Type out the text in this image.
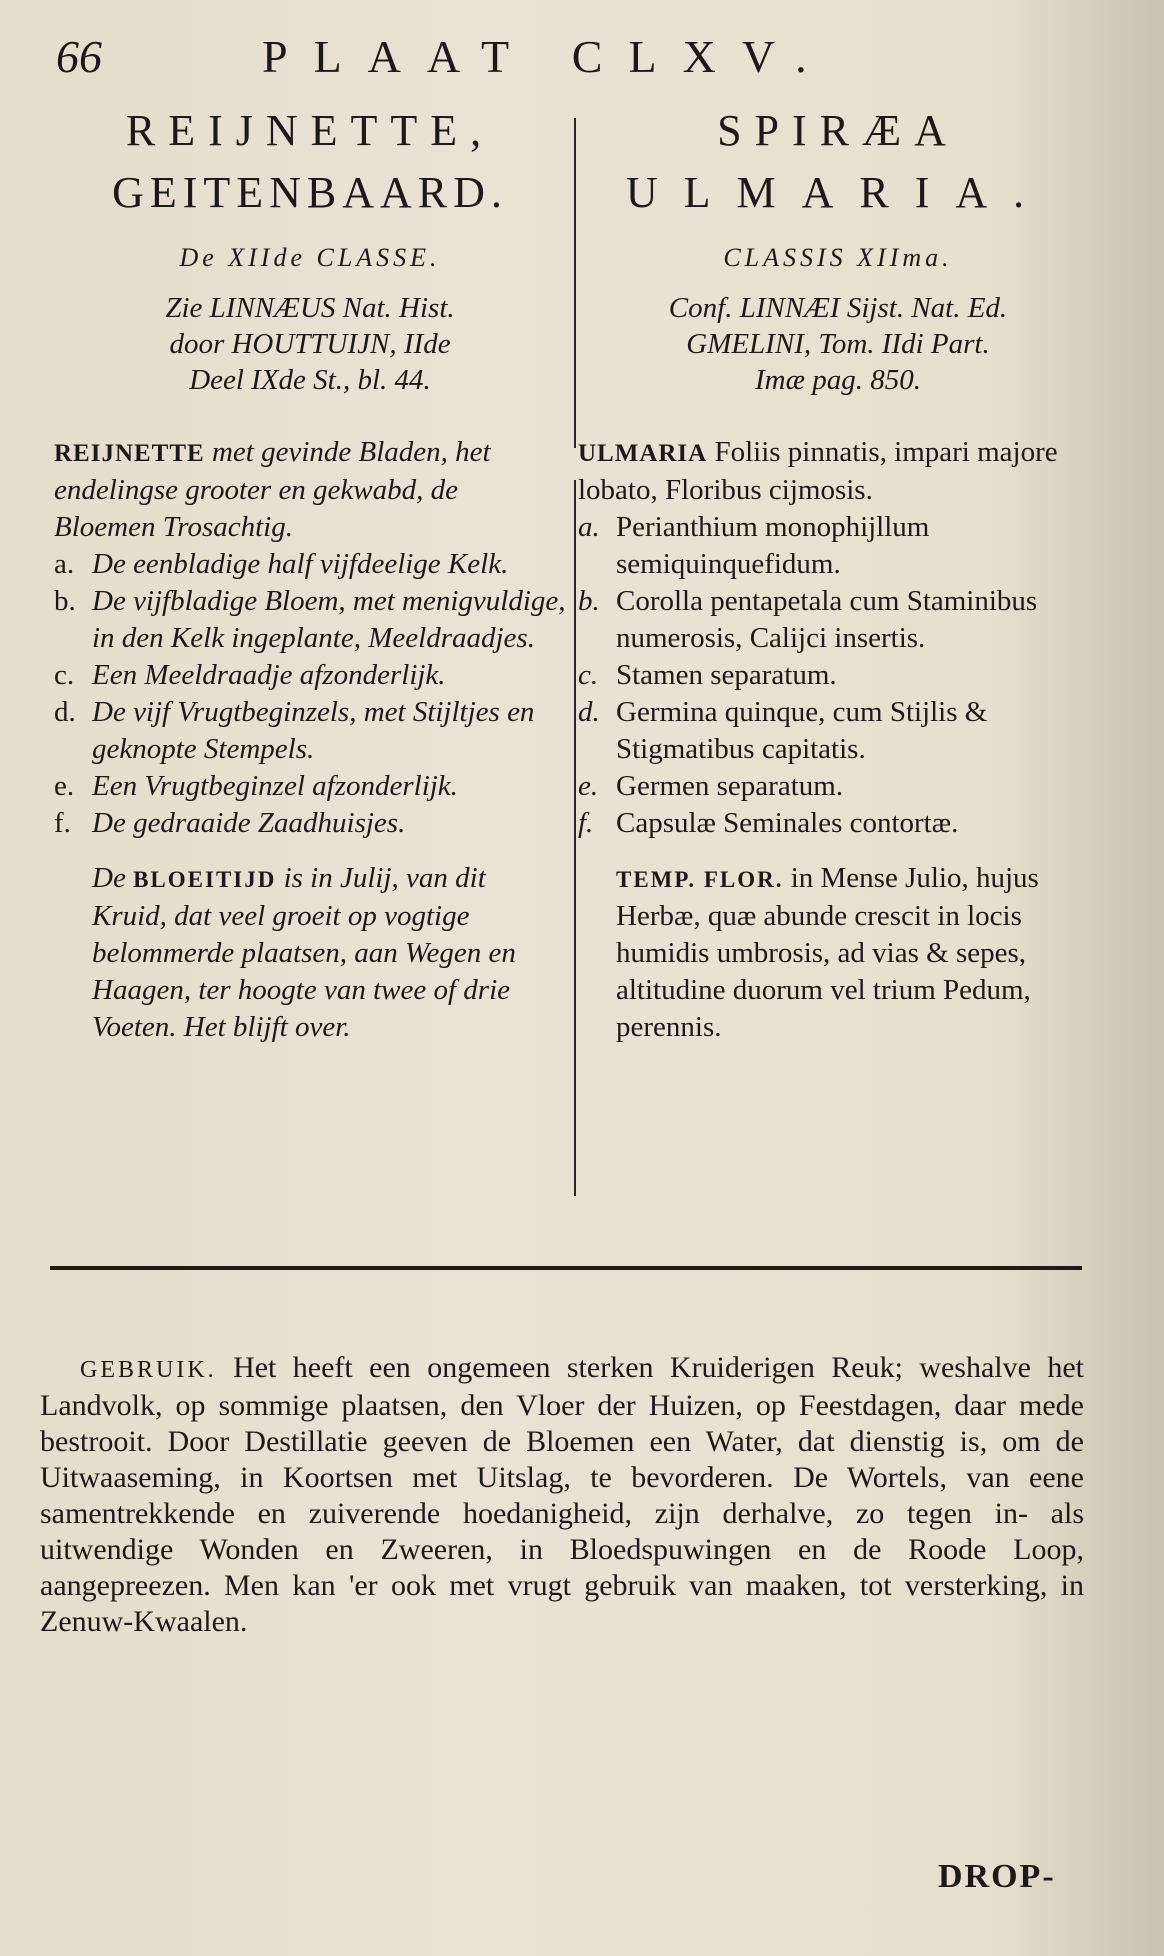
66	PLAAT CLXV.
REIJNETTE,
GEITENBAARD.
De XIIde CLASSE.
Zie LINNÆUS Nat. Hist.
door HOUTTUIJN, IIde
Deel IXde St., bl. 44.
REIJNETTE met gevinde Bladen, het endelingse grooter en gekwabd, de Bloemen Trosachtig.
a. De eenbladige half vijfdeelige Kelk.
b. De vijfbladige Bloem, met menigvuldige, in den Kelk ingeplante, Meeldraadjes.
c. Een Meeldraadje afzonderlijk.
d. De vijf Vrugtbeginzels, met Stijltjes en geknopte Stempels.
e. Een Vrugtbeginzel afzonderlijk.
f. De gedraaide Zaadhuisjes.
De BLOEITIJD is in Julij, van dit Kruid, dat veel groeit op vogtige belommerde plaatsen, aan Wegen en Haagen, ter hoogte van twee of drie Voeten. Het blijft over.
SPIRÆA
ULMARIA.
CLASSIS XIIma.
Conf. LINNÆI Sijst. Nat. Ed.
GMELINI, Tom. IIdi Part.
Imæ pag. 850.
ULMARIA Foliis pinnatis, impari majore lobato, Floribus cijmosis.
a. Perianthium monophijllum semiquinquefidum.
b. Corolla pentapetala cum Staminibus numerosis, Calijci insertis.
c. Stamen separatum.
d. Germina quinque, cum Stijlis & Stigmatibus capitatis.
e. Germen separatum.
f. Capsulæ Seminales contortæ.
TEMP. FLOR. in Mense Julio, hujus Herbæ, quæ abunde crescit in locis humidis umbrosis, ad vias & sepes, altitudine duorum vel trium Pedum, perennis.
GEBRUIK. Het heeft een ongemeen sterken Kruiderigen Reuk; weshalve het Landvolk, op sommige plaatsen, den Vloer der Huizen, op Feestdagen, daar mede bestrooit. Door Destillatie geeven de Bloemen een Water, dat dienstig is, om de Uitwaaseming, in Koortsen met Uitslag, te bevorderen. De Wortels, van eene samentrekkende en zuiverende hoedanigheid, zijn derhalve, zo tegen in- als uitwendige Wonden en Zweeren, in Bloedspuwingen en de Roode Loop, aangepreezen. Men kan 'er ook met vrugt gebruik van maaken, tot versterking, in Zenuw-Kwaalen.
DROP-
